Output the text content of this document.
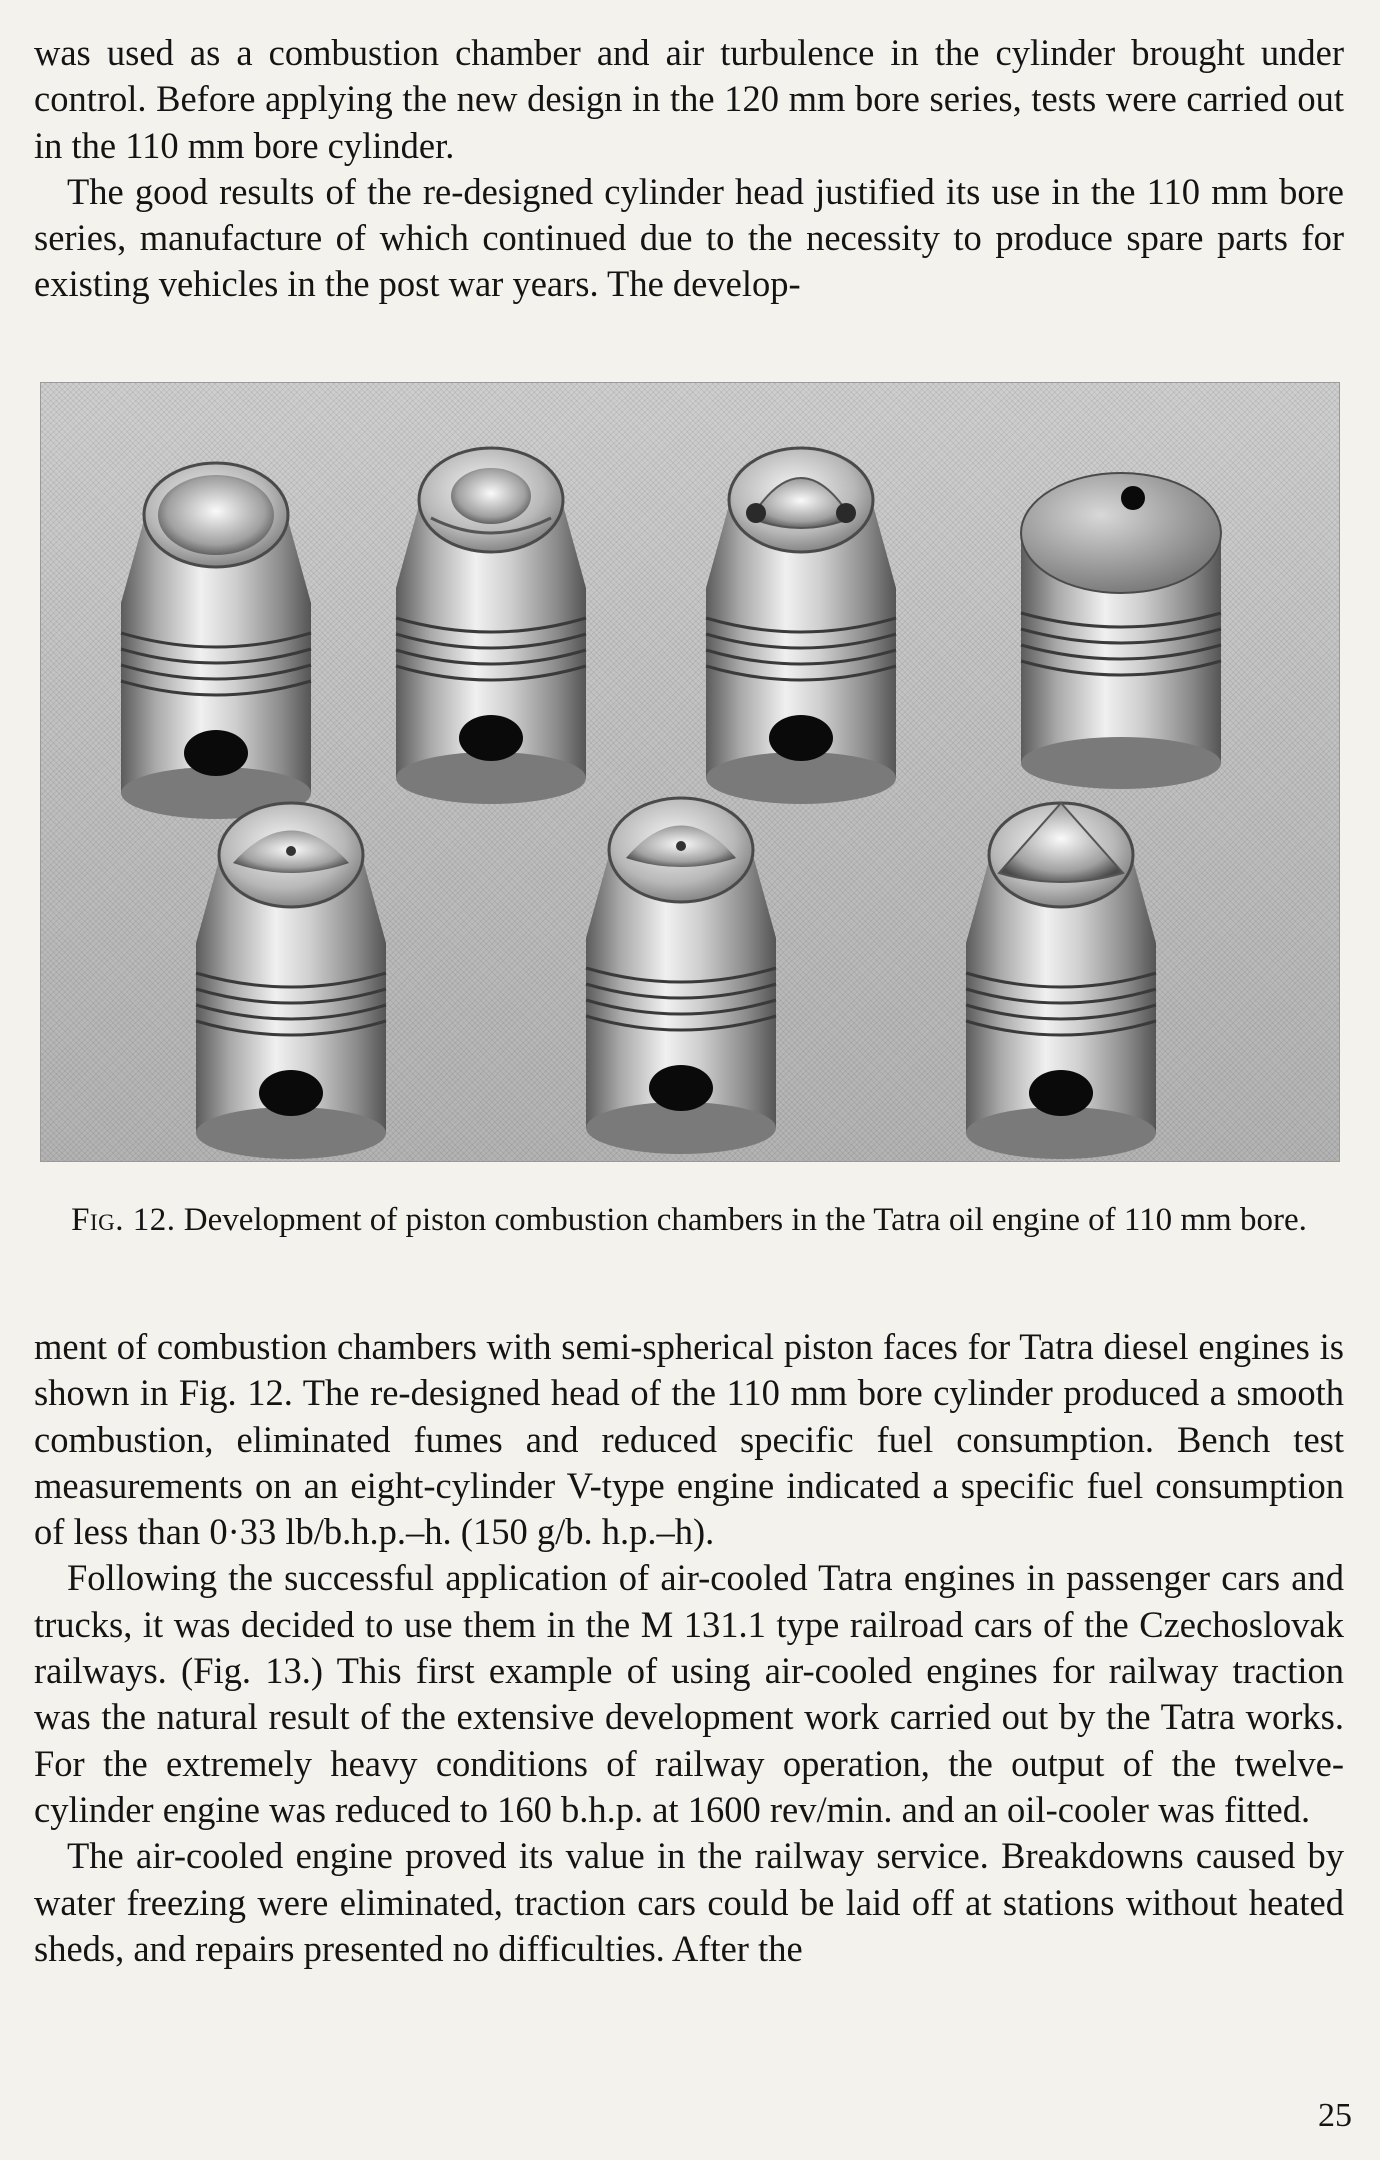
was used as a combustion chamber and air turbulence in the cylinder brought under control. Before applying the new design in the 120 mm bore series, tests were carried out in the 110 mm bore cylinder.

The good results of the re-designed cylinder head justified its use in the 110 mm bore series, manufacture of which continued due to the necessity to produce spare parts for existing vehicles in the post war years. The develop-

Fig. 12. Development of piston combustion chambers in the Tatra oil engine of 110 mm bore.

ment of combustion chambers with semi-spherical piston faces for Tatra diesel engines is shown in Fig. 12. The re-designed head of the 110 mm bore cylinder produced a smooth combustion, eliminated fumes and reduced specific fuel consumption. Bench test measurements on an eight-cylinder V-type engine indicated a specific fuel consumption of less than 0·33 lb/b.h.p.–h. (150 g/b. h.p.–h).

Following the successful application of air-cooled Tatra engines in passenger cars and trucks, it was decided to use them in the M 131.1 type railroad cars of the Czechoslovak railways. (Fig. 13.) This first example of using air-cooled engines for railway traction was the natural result of the extensive development work carried out by the Tatra works. For the extremely heavy conditions of railway operation, the output of the twelve-cylinder engine was reduced to 160 b.h.p. at 1600 rev/min. and an oil-cooler was fitted.

The air-cooled engine proved its value in the railway service. Breakdowns caused by water freezing were eliminated, traction cars could be laid off at stations without heated sheds, and repairs presented no difficulties. After the

25
